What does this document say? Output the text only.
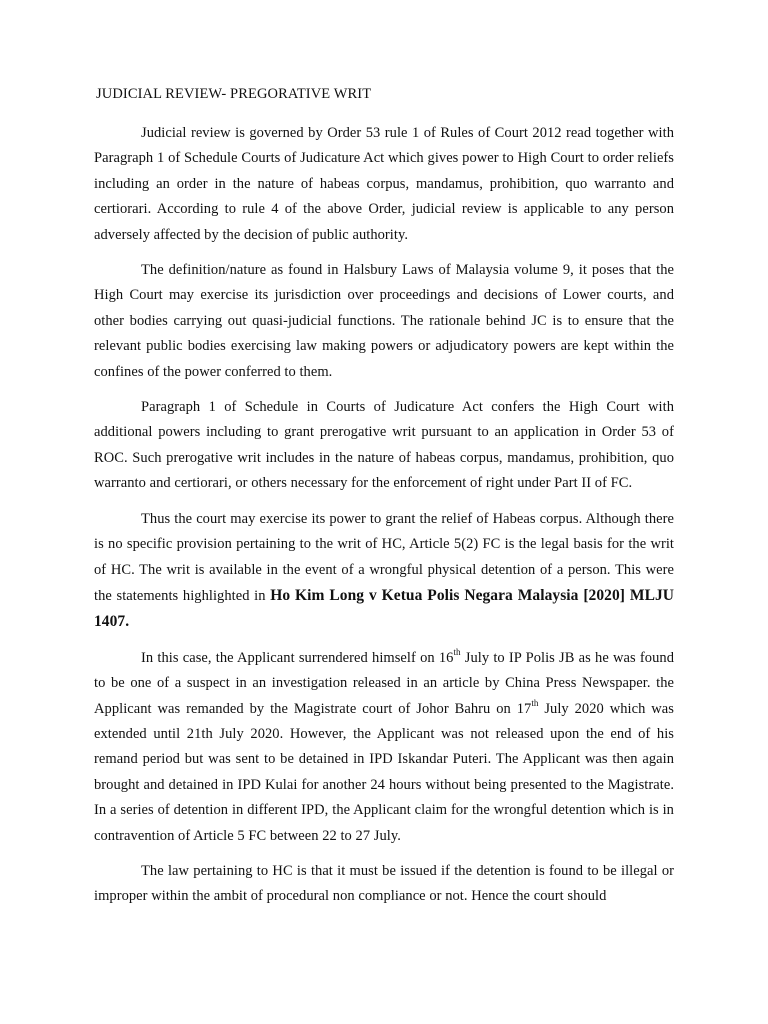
JUDICIAL REVIEW- PREGORATIVE WRIT

Judicial review is governed by Order 53 rule 1 of Rules of Court 2012 read together with Paragraph 1 of Schedule Courts of Judicature Act which gives power to High Court to order reliefs including an order in the nature of habeas corpus, mandamus, prohibition, quo warranto and certiorari. According to rule 4 of the above Order, judicial review is applicable to any person adversely affected by the decision of public authority.

The definition/nature as found in Halsbury Laws of Malaysia volume 9, it poses that the High Court may exercise its jurisdiction over proceedings and decisions of Lower courts, and other bodies carrying out quasi-judicial functions. The rationale behind JC is to ensure that the relevant public bodies exercising law making powers or adjudicatory powers are kept within the confines of the power conferred to them.

Paragraph 1 of Schedule in Courts of Judicature Act confers the High Court with additional powers including to grant prerogative writ pursuant to an application in Order 53 of ROC. Such prerogative writ includes in the nature of habeas corpus, mandamus, prohibition, quo warranto and certiorari, or others necessary for the enforcement of right under Part II of FC.

Thus the court may exercise its power to grant the relief of Habeas corpus. Although there is no specific provision pertaining to the writ of HC, Article 5(2) FC is the legal basis for the writ of HC. The writ is available in the event of a wrongful physical detention of a person. This were the statements highlighted in Ho Kim Long v Ketua Polis Negara Malaysia [2020] MLJU 1407.

In this case, the Applicant surrendered himself on 16th July to IP Polis JB as he was found to be one of a suspect in an investigation released in an article by China Press Newspaper. the Applicant was remanded by the Magistrate court of Johor Bahru on 17th July 2020 which was extended until 21th July 2020. However, the Applicant was not released upon the end of his remand period but was sent to be detained in IPD Iskandar Puteri. The Applicant was then again brought and detained in IPD Kulai for another 24 hours without being presented to the Magistrate. In a series of detention in different IPD, the Applicant claim for the wrongful detention which is in contravention of Article 5 FC between 22 to 27 July.

The law pertaining to HC is that it must be issued if the detention is found to be illegal or improper within the ambit of procedural non compliance or not. Hence the court should
